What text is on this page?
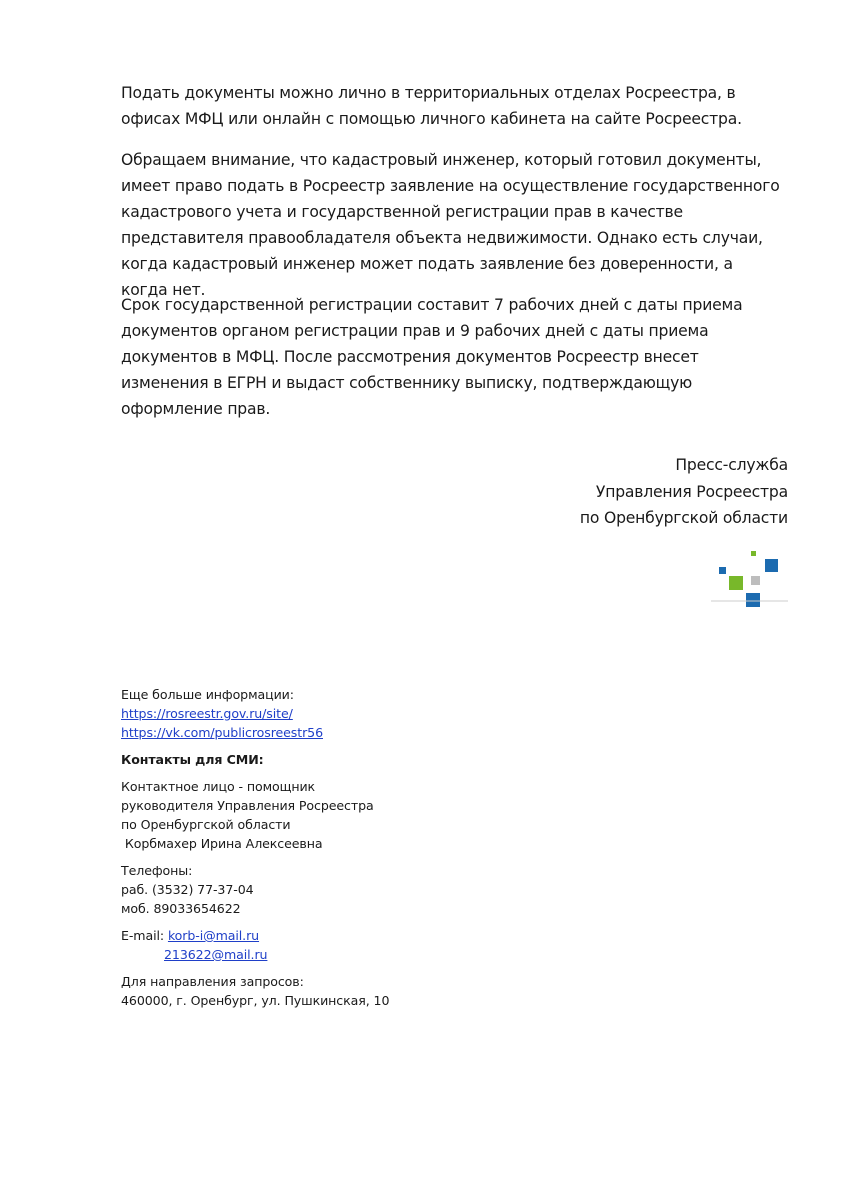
Подать документы можно лично в территориальных отделах Росреестра, в офисах МФЦ или онлайн с помощью личного кабинета на сайте Росреестра.

Обращаем внимание, что кадастровый инженер, который готовил документы, имеет право подать в Росреестр заявление на осуществление государственного кадастрового учета и государственной регистрации прав в качестве представителя правообладателя объекта недвижимости. Однако есть случаи, когда кадастровый инженер может подать заявление без доверенности, а когда нет.

Срок государственной регистрации составит 7 рабочих дней с даты приема документов органом регистрации прав и 9 рабочих дней с даты приема документов в МФЦ. После рассмотрения документов Росреестр внесет изменения в ЕГРН и выдаст собственнику выписку, подтверждающую оформление прав.

Пресс-служба
Управления Росреестра
по Оренбургской области
Еще больше информации:
https://rosreestr.gov.ru/site/
https://vk.com/publicrosreestr56
Контакты для СМИ:
Контактное лицо - помощник
руководителя Управления Росреестра
по Оренбургской области
Корбмахер Ирина Алексеевна
Телефоны:
раб. (3532) 77-37-04
моб. 89033654622
E-mail: korb-i@mail.ru
213622@mail.ru
Для направления запросов:
460000, г. Оренбург, ул. Пушкинская, 10
